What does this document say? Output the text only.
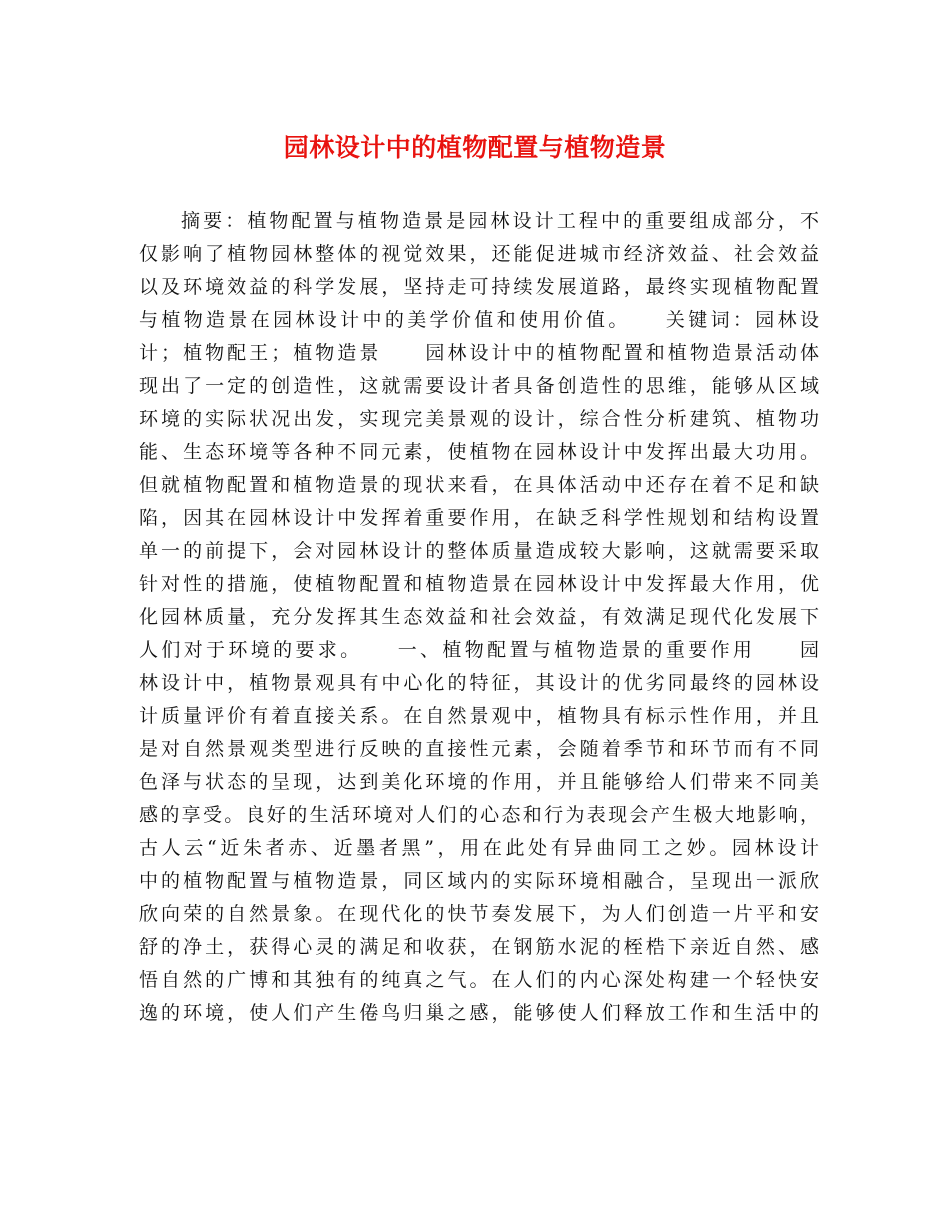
园林设计中的植物配置与植物造景
摘要：植物配置与植物造景是园林设计工程中的重要组成部分，不
仅影响了植物园林整体的视觉效果，还能促进城市经济效益、社会效益
以及环境效益的科学发展，坚持走可持续发展道路，最终实现植物配置
与植物造景在园林设计中的美学价值和使用价值。　　关键词：园林设
计；植物配王；植物造景　　园林设计中的植物配置和植物造景活动体
现出了一定的创造性，这就需要设计者具备创造性的思维，能够从区域
环境的实际状况出发，实现完美景观的设计，综合性分析建筑、植物功
能、生态环境等各种不同元素，使植物在园林设计中发挥出最大功用。
但就植物配置和植物造景的现状来看，在具体活动中还存在着不足和缺
陷，因其在园林设计中发挥着重要作用，在缺乏科学性规划和结构设置
单一的前提下，会对园林设计的整体质量造成较大影响，这就需要采取
针对性的措施，使植物配置和植物造景在园林设计中发挥最大作用，优
化园林质量，充分发挥其生态效益和社会效益，有效满足现代化发展下
人们对于环境的要求。　　一、植物配置与植物造景的重要作用　　园
林设计中，植物景观具有中心化的特征，其设计的优劣同最终的园林设
计质量评价有着直接关系。在自然景观中，植物具有标示性作用，并且
是对自然景观类型进行反映的直接性元素，会随着季节和环节而有不同
色泽与状态的呈现，达到美化环境的作用，并且能够给人们带来不同美
感的享受。良好的生活环境对人们的心态和行为表现会产生极大地影响，
古人云“近朱者赤、近墨者黑”，用在此处有异曲同工之妙。园林设计
中的植物配置与植物造景，同区域内的实际环境相融合，呈现出一派欣
欣向荣的自然景象。在现代化的快节奏发展下，为人们创造一片平和安
舒的净土，获得心灵的满足和收获，在钢筋水泥的桎梏下亲近自然、感
悟自然的广博和其独有的纯真之气。在人们的内心深处构建一个轻快安
逸的环境，使人们产生倦鸟归巢之感，能够使人们释放工作和生活中的
